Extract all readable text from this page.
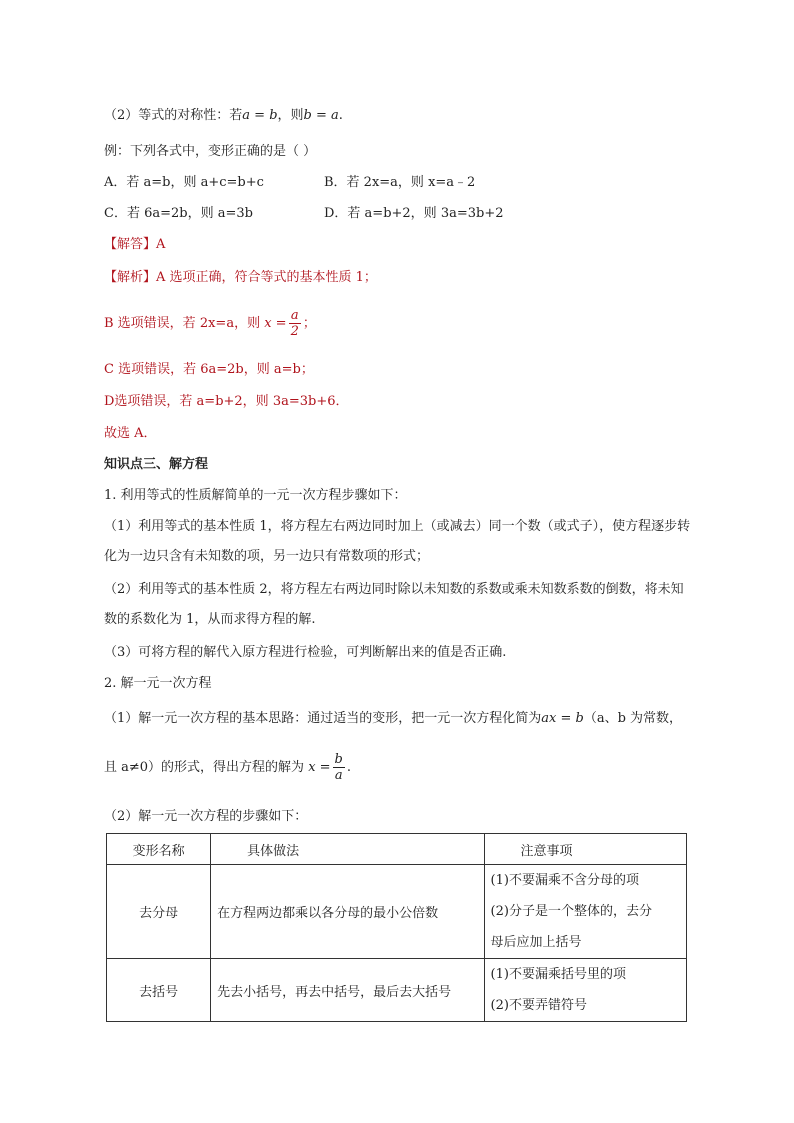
（2）等式的对称性：若a = b，则b = a.
例：下列各式中，变形正确的是（ ）
A．若 a=b，则 a+c=b+c	B．若 2x=a，则 x=a﹣2
C．若 6a=2b，则 a=3b	D．若 a=b+2，则 3a=3b+2
【解答】A
【解析】A 选项正确，符合等式的基本性质 1；
B 选项错误，若 2x=a，则 $x = \frac{a}{2}$ ；
C 选项错误，若 6a=2b，则 a=b；
D选项错误，若 a=b+2，则 3a=3b+6．
故选 A．
知识点三、解方程
1. 利用等式的性质解简单的一元一次方程步骤如下：
（1）利用等式的基本性质 1，将方程左右两边同时加上（或减去）同一个数（或式子），使方程逐步转
化为一边只含有未知数的项，另一边只有常数项的形式；
（2）利用等式的基本性质 2，将方程左右两边同时除以未知数的系数或乘未知数系数的倒数，将未知
数的系数化为 1，从而求得方程的解.
（3）可将方程的解代入原方程进行检验，可判断解出来的值是否正确.
2. 解一元一次方程
（1）解一元一次方程的基本思路：通过适当的变形，把一元一次方程化简为ax = b（a、b 为常数，
且 a≠0）的形式，得出方程的解为 $x = \frac{b}{a}$ .
（2）解一元一次方程的步骤如下：
变形名称	具体做法	注意事项
去分母	在方程两边都乘以各分母的最小公倍数	(1)不要漏乘不含分母的项
(2)分子是一个整体的，去分
母后应加上括号

去括号	先去小括号，再去中括号，最后去大括号	(1)不要漏乘括号里的项
(2)不要弄错符号
